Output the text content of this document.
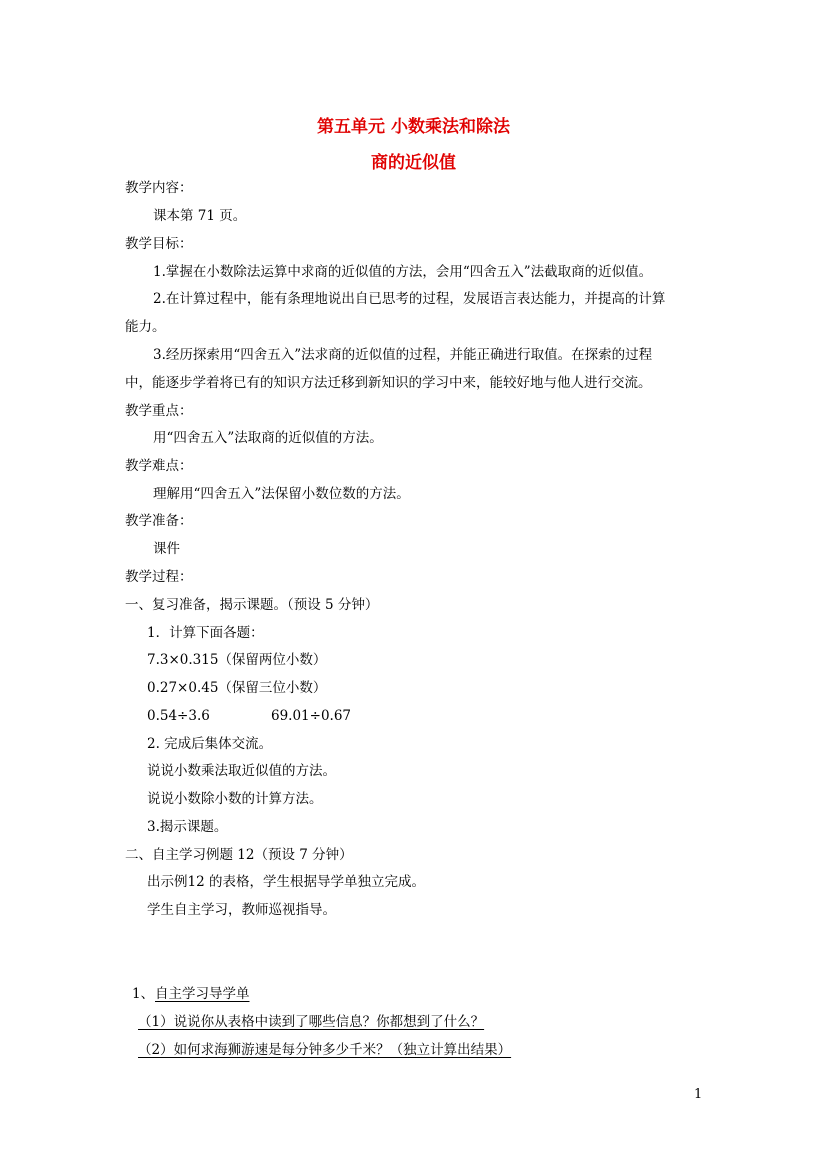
第五单元 小数乘法和除法
商的近似值
教学内容：
课本第 71 页。
教学目标：
1.掌握在小数除法运算中求商的近似值的方法，会用“四舍五入”法截取商的近似值。
2.在计算过程中，能有条理地说出自已思考的过程，发展语言表达能力，并提高的计算
能力。
3.经历探索用“四舍五入”法求商的近似值的过程，并能正确进行取值。在探索的过程
中，能逐步学着将已有的知识方法迁移到新知识的学习中来，能较好地与他人进行交流。
教学重点：
用“四舍五入”法取商的近似值的方法。
教学难点：
理解用“四舍五入”法保留小数位数的方法。
教学准备：
课件
教学过程：
一、复习准备，揭示课题。（预设 5 分钟）
1．计算下面各题：
7.3×0.315（保留两位小数）
0.27×0.45（保留三位小数）
0.54÷3.6	69.01÷0.67
2. 完成后集体交流。
说说小数乘法取近似值的方法。
说说小数除小数的计算方法。
3.揭示课题。
二、自主学习例题 12（预设 7 分钟）
出示例12 的表格，学生根据导学单独立完成。
学生自主学习，教师巡视指导。
1、 自主学习导学单
（1）说说你从表格中读到了哪些信息？你都想到了什么？
（2）如何求海狮游速是每分钟多少千米？（独立计算出结果）
1
